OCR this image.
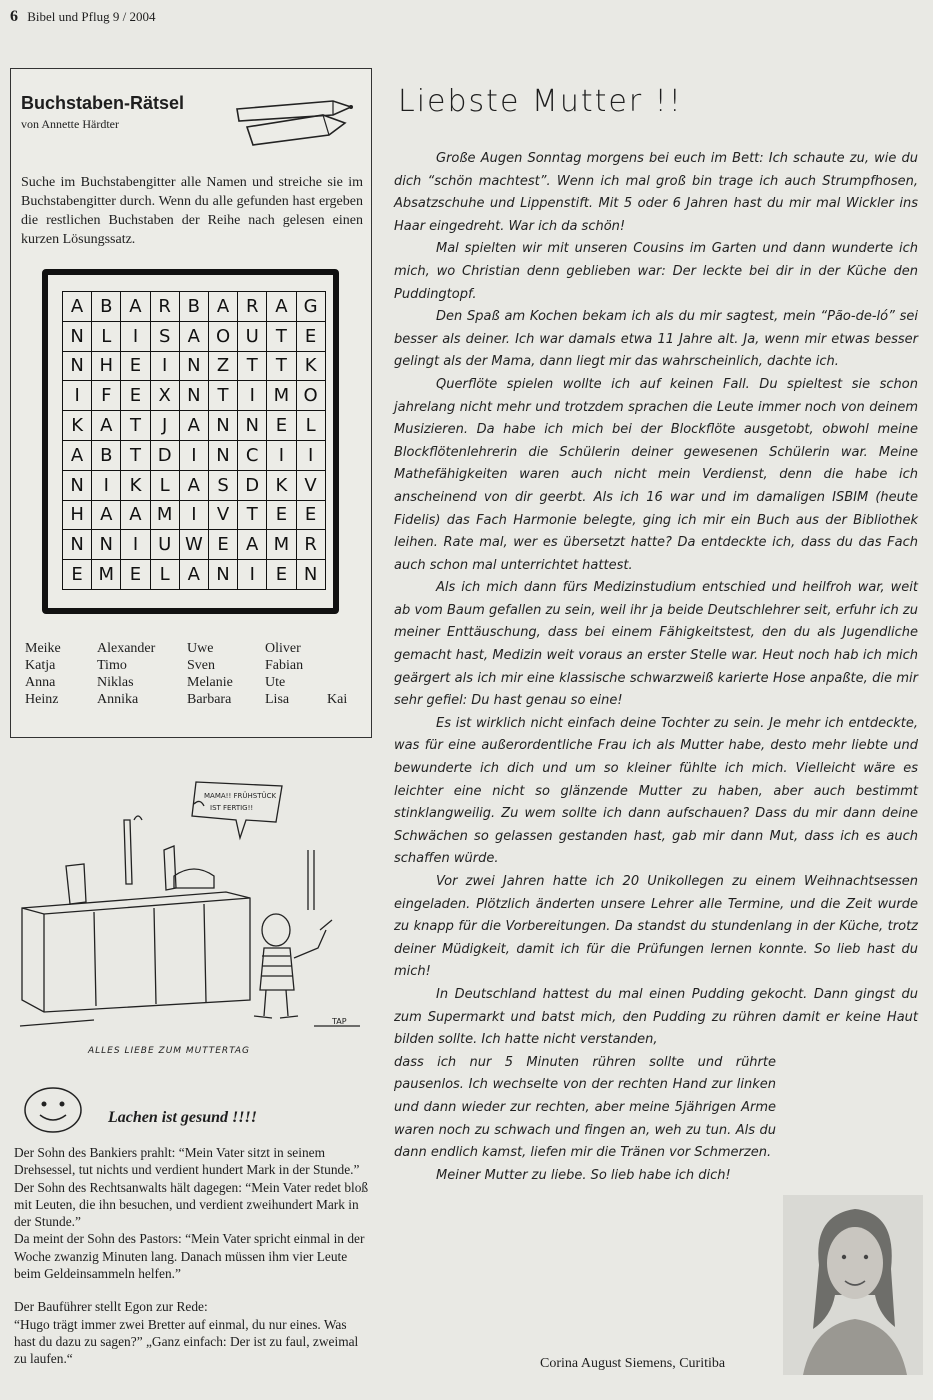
6 Bibel und Pflug 9 / 2004
Buchstaben-Rätsel
von Annette Härdter
Suche im Buchstabengitter alle Namen und streiche sie im Buchstabengitter durch. Wenn du alle gefunden hast ergeben die restlichen Buchstaben der Reihe nach gelesen einen kurzen Lösungssatz.
A B A R B A R A G
N L	I	S A O U T	E
N H E	I	N Z T	T K
I	F	E X N T	I	M O
K A T	J	A N N E	L
A B T D	I	N C	I	I
N	I	K	L	A S D K V
H A A M	I	V T	E E
N N	I	U W E A M R
E M E	L	A N	I	E N
Meike	Alexander	Uwe	Oliver
Katja	Timo	Sven	Fabian
Anna	Niklas	Melanie	Ute
Heinz	Annika	Barbara	Lisa	Kai
MAMA!! FRÜHSTÜCK
IST FERTIG!!
TAP
ALLES LIEBE ZUM MUTTERTAG
Lachen ist gesund !!!!

Der Sohn des Bankiers prahlt: “Mein Vater sitzt in seinem Drehsessel, tut nichts und verdient hundert Mark in der Stunde.”

Der Sohn des Rechtsanwalts hält dagegen: “Mein Vater redet bloß mit Leuten, die ihn besuchen, und verdient zweihundert Mark in der Stunde.”

Da meint der Sohn des Pastors: “Mein Vater spricht einmal in der Woche zwanzig Minuten lang. Danach müssen ihm vier Leute beim Geldeinsammeln helfen.”

Der Bauführer stellt Egon zur Rede:

“Hugo trägt immer zwei Bretter auf einmal, du nur eines. Was hast du dazu zu sagen?” „Ganz einfach: Der ist zu faul, zweimal zu laufen.“

Liebste Mutter !!

Große Augen Sonntag morgens bei euch im Bett: Ich schaute zu, wie du dich “schön machtest”. Wenn ich mal groß bin trage ich auch Strumpfhosen, Absatzschuhe und Lippenstift. Mit 5 oder 6 Jahren hast du mir mal Wickler ins Haar eingedreht. War ich da schön!

Mal spielten wir mit unseren Cousins im Garten und dann wunderte ich mich, wo Christian denn geblieben war: Der leckte bei dir in der Küche den Puddingtopf.

Den Spaß am Kochen bekam ich als du mir sagtest, mein “Pão-de-ló” sei besser als deiner. Ich war damals etwa 11 Jahre alt. Ja, wenn mir etwas besser gelingt als der Mama, dann liegt mir das wahrscheinlich, dachte ich.

Querflöte spielen wollte ich auf keinen Fall. Du spieltest sie schon jahrelang nicht mehr und trotzdem sprachen die Leute immer noch von deinem Musizieren. Da habe ich mich bei der Blockflöte ausgetobt, obwohl meine Blockflötenlehrerin die Schülerin deiner gewesenen Schülerin war. Meine Mathefähigkeiten waren auch nicht mein Verdienst, denn die habe ich anscheinend von dir geerbt. Als ich 16 war und im damaligen ISBIM (heute Fidelis) das Fach Harmonie belegte, ging ich mir ein Buch aus der Bibliothek leihen. Rate mal, wer es übersetzt hatte? Da entdeckte ich, dass du das Fach auch schon mal unterrichtet hattest.

Als ich mich dann fürs Medizinstudium entschied und heilfroh war, weit ab vom Baum gefallen zu sein, weil ihr ja beide Deutschlehrer seit, erfuhr ich zu meiner Enttäuschung, dass bei einem Fähigkeitstest, den du als Jugendliche gemacht hast, Medizin weit voraus an erster Stelle war. Heut noch hab ich mich geärgert als ich mir eine klassische schwarzweiß karierte Hose anpaßte, die mir sehr gefiel: Du hast genau so eine!

Es ist wirklich nicht einfach deine Tochter zu sein. Je mehr ich entdeckte, was für eine außerordentliche Frau ich als Mutter habe, desto mehr liebte und bewunderte ich dich und um so kleiner fühlte ich mich. Vielleicht wäre es leichter eine nicht so glänzende Mutter zu haben, aber auch bestimmt stinklangweilig. Zu wem sollte ich dann aufschauen? Dass du mir dann deine Schwächen so gelassen gestanden hast, gab mir dann Mut, dass ich es auch schaffen würde.

Vor zwei Jahren hatte ich 20 Unikollegen zu einem Weihnachtsessen eingeladen. Plötzlich änderten unsere Lehrer alle Termine, und die Zeit wurde zu knapp für die Vorbereitungen. Da standst du stundenlang in der Küche, trotz deiner Müdigkeit, damit ich für die Prüfungen lernen konnte. So lieb hast du mich!

In Deutschland hattest du mal einen Pudding gekocht. Dann gingst du zum Supermarkt und batst mich, den Pudding zu rühren damit er keine Haut bilden sollte. Ich hatte nicht verstanden,

dass ich nur 5 Minuten rühren sollte und rührte pausenlos. Ich wechselte von der rechten Hand zur linken und dann wieder zur rechten, aber meine 5jährigen Arme waren noch zu schwach und fingen an, weh zu tun. Als du dann endlich kamst, liefen mir die Tränen vor Schmerzen.

Meiner Mutter zu liebe. So lieb habe ich dich!

Corina August Siemens, Curitiba
